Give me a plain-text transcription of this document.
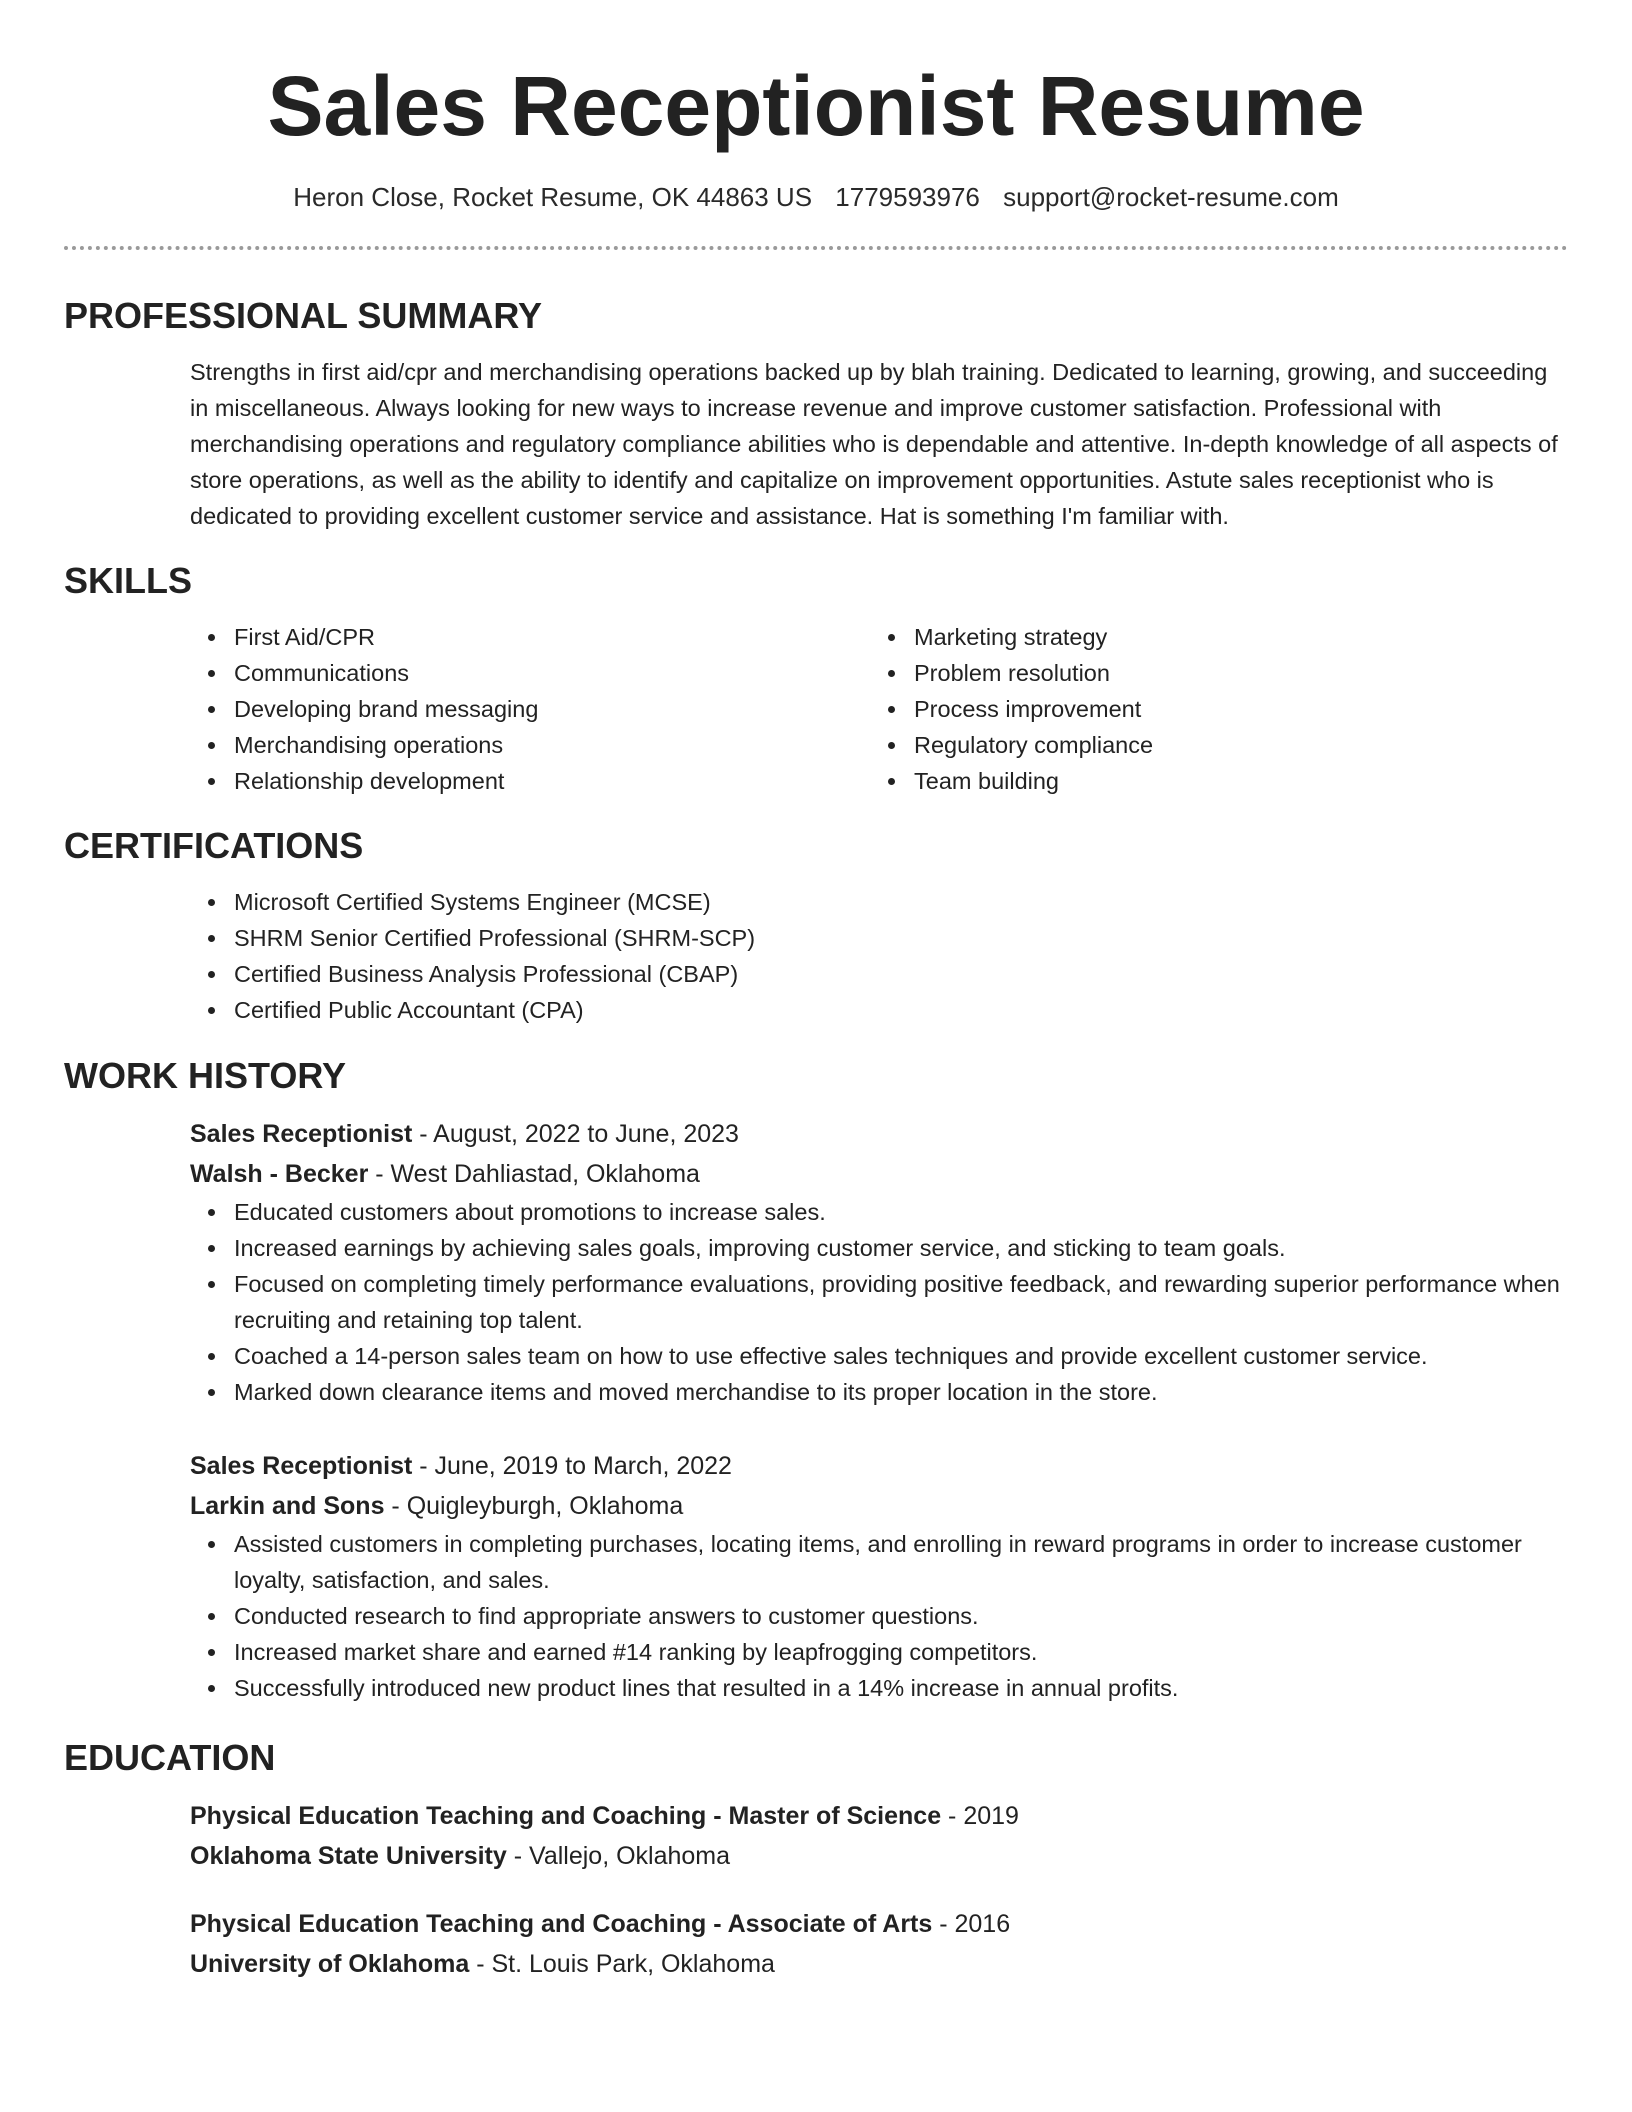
Sales Receptionist Resume
Heron Close, Rocket Resume, OK 44863 US 1779593976 support@rocket-resume.com
PROFESSIONAL SUMMARY
Strengths in first aid/cpr and merchandising operations backed up by blah training. Dedicated to learning, growing, and succeeding in miscellaneous. Always looking for new ways to increase revenue and improve customer satisfaction. Professional with merchandising operations and regulatory compliance abilities who is dependable and attentive. In-depth knowledge of all aspects of store operations, as well as the ability to identify and capitalize on improvement opportunities. Astute sales receptionist who is dedicated to providing excellent customer service and assistance. Hat is something I'm familiar with.
SKILLS
First Aid/CPR
Communications
Developing brand messaging
Merchandising operations
Relationship development
Marketing strategy
Problem resolution
Process improvement
Regulatory compliance
Team building
CERTIFICATIONS
Microsoft Certified Systems Engineer (MCSE)
SHRM Senior Certified Professional (SHRM-SCP)
Certified Business Analysis Professional (CBAP)
Certified Public Accountant (CPA)
WORK HISTORY
Sales Receptionist - August, 2022 to June, 2023
Walsh - Becker - West Dahliastad, Oklahoma
Educated customers about promotions to increase sales.
Increased earnings by achieving sales goals, improving customer service, and sticking to team goals.
Focused on completing timely performance evaluations, providing positive feedback, and rewarding superior performance when recruiting and retaining top talent.
Coached a 14-person sales team on how to use effective sales techniques and provide excellent customer service.
Marked down clearance items and moved merchandise to its proper location in the store.
Sales Receptionist - June, 2019 to March, 2022
Larkin and Sons - Quigleyburgh, Oklahoma
Assisted customers in completing purchases, locating items, and enrolling in reward programs in order to increase customer loyalty, satisfaction, and sales.
Conducted research to find appropriate answers to customer questions.
Increased market share and earned #14 ranking by leapfrogging competitors.
Successfully introduced new product lines that resulted in a 14% increase in annual profits.
EDUCATION
Physical Education Teaching and Coaching - Master of Science - 2019
Oklahoma State University - Vallejo, Oklahoma
Physical Education Teaching and Coaching - Associate of Arts - 2016
University of Oklahoma - St. Louis Park, Oklahoma
